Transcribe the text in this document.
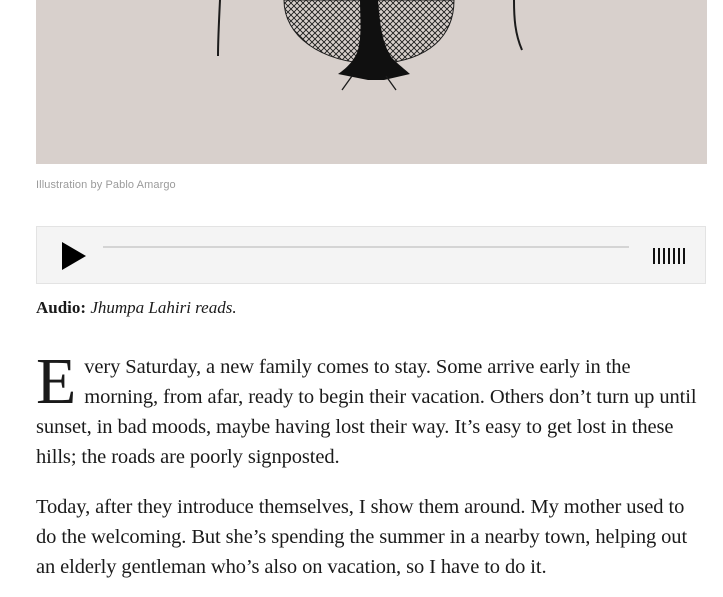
Illustration by Pablo Amargo
Audio: Jhumpa Lahiri reads.

Every Saturday, a new family comes to stay. Some arrive early in the morning, from afar, ready to begin their vacation. Others don’t turn up until sunset, in bad moods, maybe having lost their way. It’s easy to get lost in these hills; the roads are poorly signposted.

Today, after they introduce themselves, I show them around. My mother used to do the welcoming. But she’s spending the summer in a nearby town, helping out an elderly gentleman who’s also on vacation, so I have to do it.
